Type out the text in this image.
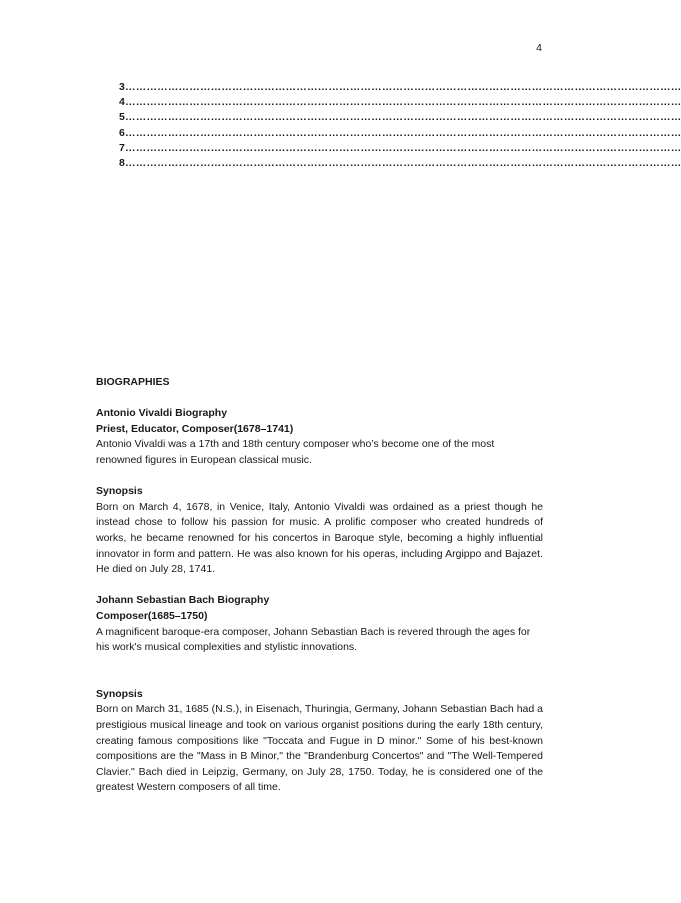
4
3…………………………………………………………………………………………………………………………………………
4…………………………………………………………………………………………………………………………………………
5…………………………………………………………………………………………………………………………………………
6…………………………………………………………………………………………………………………………………………
7…………………………………………………………………………………………………………………………………………
8…………………………………………………………………………………………………………………………………………

BIOGRAPHIES

Antonio Vivaldi Biography

Priest, Educator, Composer(1678–1741)

Antonio Vivaldi was a 17th and 18th century composer who’s become one of the most renowned figures in European classical music.

Synopsis

Born on March 4, 1678, in Venice, Italy, Antonio Vivaldi was ordained as a priest though he instead chose to follow his passion for music. A prolific composer who created hundreds of works, he became renowned for his concertos in Baroque style, becoming a highly influential innovator in form and pattern. He was also known for his operas, including Argippo and Bajazet. He died on July 28, 1741.

Johann Sebastian Bach Biography

Composer(1685–1750)

A magnificent baroque-era composer, Johann Sebastian Bach is revered through the ages for his work's musical complexities and stylistic innovations.

Synopsis

Born on March 31, 1685 (N.S.), in Eisenach, Thuringia, Germany, Johann Sebastian Bach had a prestigious musical lineage and took on various organist positions during the early 18th century, creating famous compositions like "Toccata and Fugue in D minor." Some of his best-known compositions are the "Mass in B Minor," the "Brandenburg Concertos" and "The Well-Tempered Clavier." Bach died in Leipzig, Germany, on July 28, 1750. Today, he is considered one of the greatest Western composers of all time.
